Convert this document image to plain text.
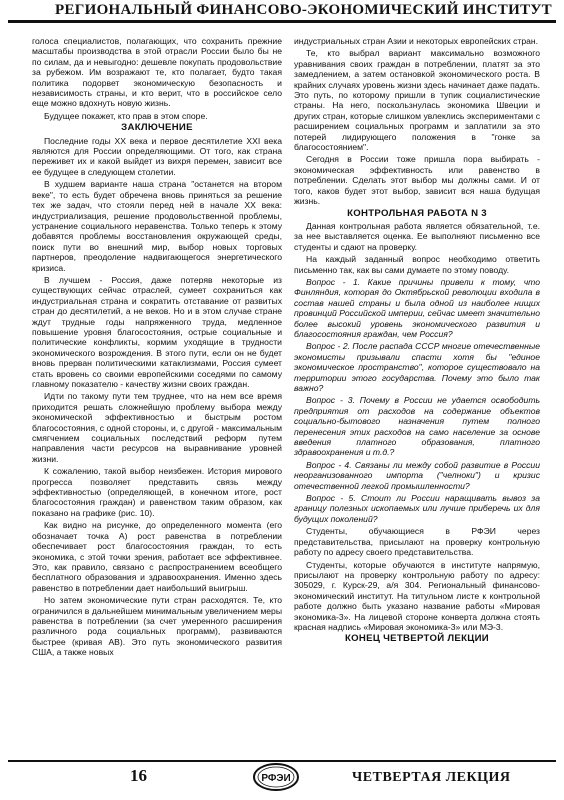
РЕГИОНАЛЬНЫЙ ФИНАНСОВО-ЭКОНОМИЧЕСКИЙ ИНСТИТУТ

голоса специалистов, полагающих, что сохранить прежние масштабы производства в этой отрасли России было бы не по силам, да и невыгодно: дешевле покупать продовольствие за рубежом. Им возражают те, кто полагает, будто такая политика подорвет экономическую безопасность и независимость страны, и кто верит, что в российское село еще можно вдохнуть новую жизнь.

Будущее покажет, кто прав в этом споре.

ЗАКЛЮЧЕНИЕ

Последние годы XX века и первое десятилетие XXI века являются для России определяющими. От того, как страна переживет их и какой выйдет из вихря перемен, зависит все ее будущее в следующем столетии.

В худшем варианте наша страна "останется на втором веке", то есть будет обречена вновь приняться за решение тех же задач, что стояли перед ней в начале XX века: индустриализация, решение продовольственной проблемы, устранение социального неравенства. Только теперь к этому добавятся проблемы восстановления окружающей среды, поиск пути во внешний мир, выбор новых торговых партнеров, преодоление надвигающегося энергетического кризиса.

В лучшем - Россия, даже потеряв некоторые из существующих сейчас отраслей, сумеет сохраниться как индустриальная страна и сократить отставание от развитых стран до десятилетий, а не веков. Но и в этом случае стране ждут трудные годы напряженного труда, медленное повышение уровня благосостояния, острые социальные и политические конфликты, кормим уходящие в трудности экономического возрождения. В этого пути, если он не будет вновь прерван политическими катаклизмами, Россия сумеет стать вровень со своими европейскими соседями по самому главному показателю - качеству жизни своих граждан.

Идти по такому пути тем труднее, что на нем все время приходится решать сложнейшую проблему выбора между экономической эффективностью и быстрым ростом благосостояния, с одной стороны, и, с другой - максимальным смягчением социальных последствий реформ путем направления части ресурсов на выравнивание уровней жизни.

К сожалению, такой выбор неизбежен. История мирового прогресса позволяет представить связь между эффективностью (определяющей, в конечном итоге, рост благосостояния граждан) и равенством таким образом, как показано на графике (рис. 10).

Как видно на рисунке, до определенного момента (его обозначает точка А) рост равенства в потреблении обеспечивает рост благосостояния граждан, то есть экономика, с этой точки зрения, работает все эффективнее. Это, как правило, связано с распространением всеобщего бесплатного образования и здравоохранения. Именно здесь равенство в потреблении дает наибольший выигрыш.

Но затем экономические пути стран расходятся. Те, кто ограничился в дальнейшем минимальным увеличением меры равенства в потреблении (за счет умеренного расширения различного рода социальных программ), развиваются быстрее (кривая АВ). Это путь экономического развития США, а также новых

индустриальных стран Азии и некоторых европейских стран.

Те, кто выбрал вариант максимально возможного уравнивания своих граждан в потреблении, платят за это замедлением, а затем остановкой экономического роста. В крайних случаях уровень жизни здесь начинает даже падать. Это путь, по которому пришли в тупик социалистические страны. На него, поскользнулась экономика Швеции и других стран, которые слишком увлеклись экспериментами с расширением социальных программ и заплатили за это потерей лидирующего положения в "гонке за благосостоянием".

Сегодня в России тоже пришла пора выбирать - экономическая эффективность или равенство в потреблении. Сделать этот выбор мы должны сами. И от того, каков будет этот выбор, зависит вся наша будущая жизнь.

КОНТРОЛЬНАЯ РАБОТА N 3

Данная контрольная работа является обязательной, т.е. за нее выставляется оценка. Ее выполняют письменно все студенты и сдают на проверку.

На каждый заданный вопрос необходимо ответить письменно так, как вы сами думаете по этому поводу.

Вопрос - 1. Какие причины привели к тому, что Финляндия, которая до Октябрьской революции входила в состав нашей страны и была одной из наиболее нищих провинций Российской империи, сейчас имеет значительно более высокий уровень экономического развития и благосостояния граждан, чем Россия?

Вопрос - 2. После распада СССР многие отечественные экономисты призывали спасти хотя бы "единое экономическое пространство", которое существовало на территории этого государства. Почему это было так важно?

Вопрос - 3. Почему в России не удается освободить предприятия от расходов на содержание объектов социально-бытового назначения путем полного перенесения этих расходов на само население за основе введения платного образования, платного здравоохранения и т.д.?

Вопрос - 4. Связаны ли между собой развитие в России неорганизованного импорта ("челноки") и кризис отечественной легкой промышленности?

Вопрос - 5. Стоит ли России наращивать вывоз за границу полезных ископаемых или лучше приберечь их для будущих поколений?

Студенты, обучающиеся в РФЭИ через представительства, присылают на проверку контрольную работу по адресу своего представительства.

Студенты, которые обучаются в институте напрямую, присылают на проверку контрольную работу по адресу: 305029, г. Курск-29, а/я 304. Региональный финансово-экономический институт. На титульном листе к контрольной работе должно быть указано название работы «Мировая экономика-3». На лицевой стороне конверта должна стоять красная надпись «Мировая экономика-3» или МЭ-3.

КОНЕЦ ЧЕТВЕРТОЙ ЛЕКЦИИ

16	РФЭИ	ЧЕТВЕРТАЯ ЛЕКЦИЯ
